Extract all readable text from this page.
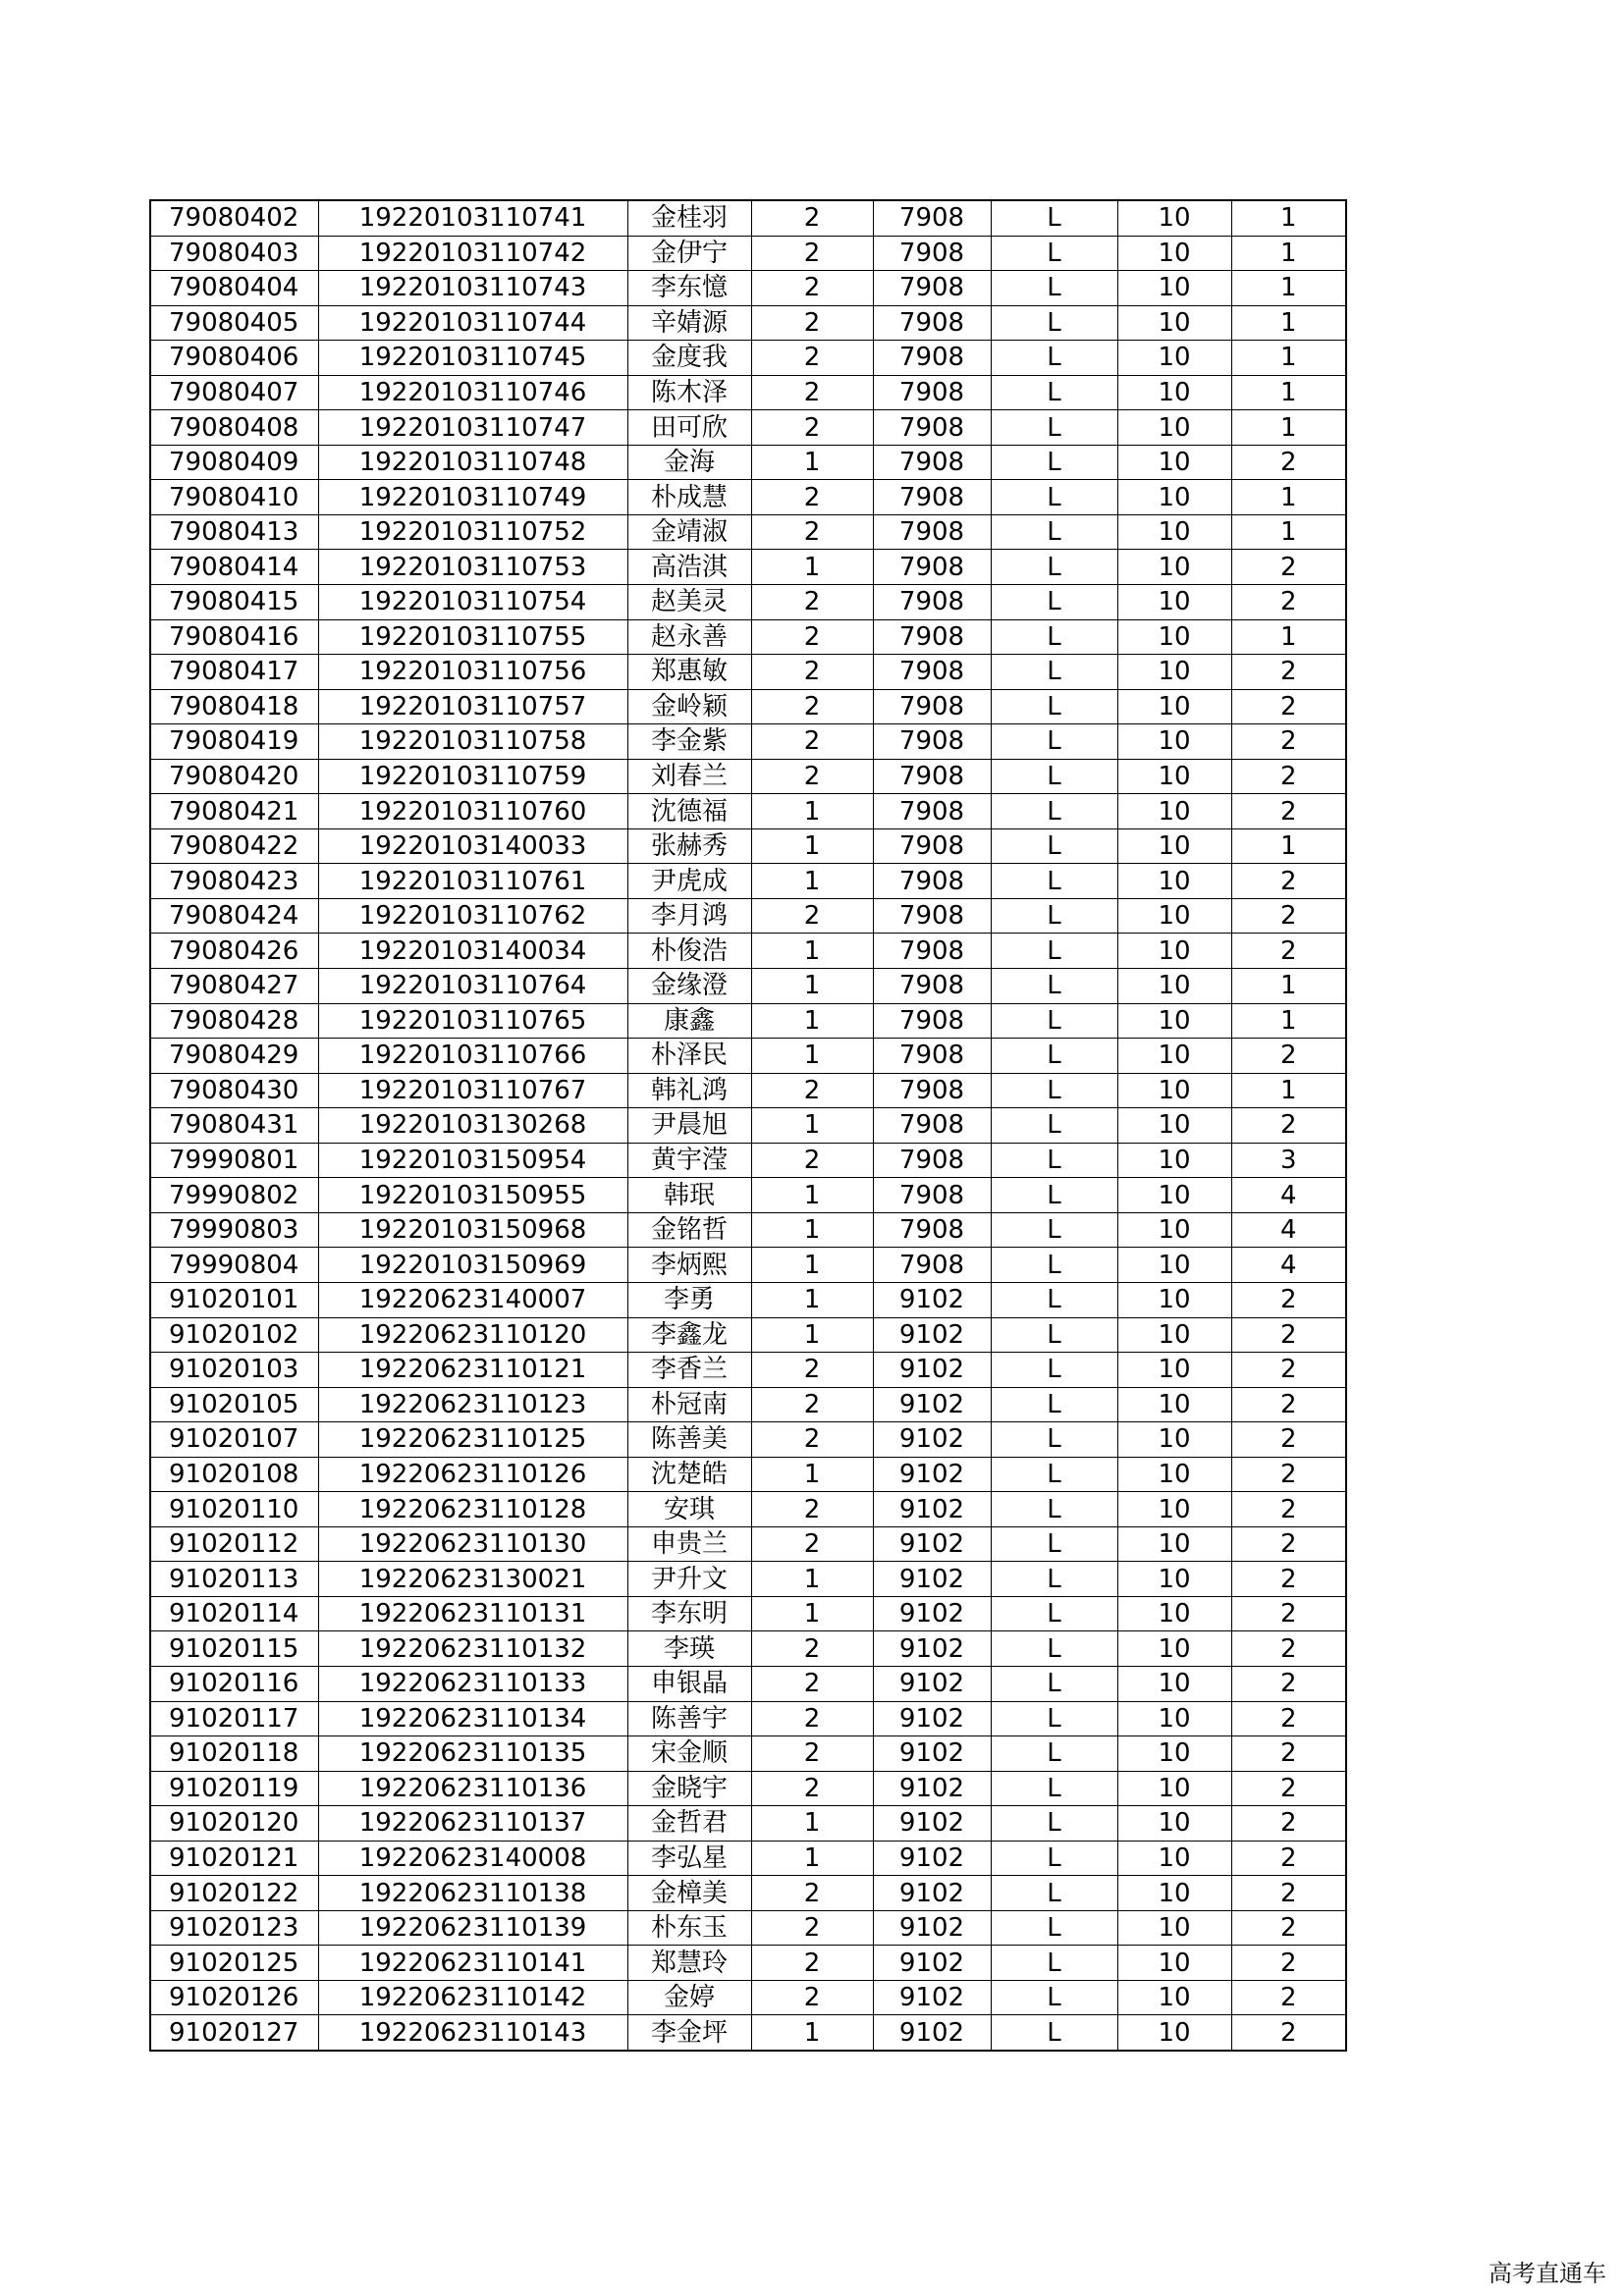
79080402	19220103110741	金桂羽	2	7908	L	10	1
79080403	19220103110742	金伊宁	2	7908	L	10	1
79080404	19220103110743	李东憶	2	7908	L	10	1
79080405	19220103110744	辛婧源	2	7908	L	10	1
79080406	19220103110745	金度我	2	7908	L	10	1
79080407	19220103110746	陈木泽	2	7908	L	10	1
79080408	19220103110747	田可欣	2	7908	L	10	1
79080409	19220103110748	金海	1	7908	L	10	2
79080410	19220103110749	朴成慧	2	7908	L	10	1
79080413	19220103110752	金靖淑	2	7908	L	10	1
79080414	19220103110753	高浩淇	1	7908	L	10	2
79080415	19220103110754	赵美灵	2	7908	L	10	2
79080416	19220103110755	赵永善	2	7908	L	10	1
79080417	19220103110756	郑惠敏	2	7908	L	10	2
79080418	19220103110757	金岭颖	2	7908	L	10	2
79080419	19220103110758	李金紫	2	7908	L	10	2
79080420	19220103110759	刘春兰	2	7908	L	10	2
79080421	19220103110760	沈德福	1	7908	L	10	2
79080422	19220103140033	张赫秀	1	7908	L	10	1
79080423	19220103110761	尹虎成	1	7908	L	10	2
79080424	19220103110762	李月鸿	2	7908	L	10	2
79080426	19220103140034	朴俊浩	1	7908	L	10	2
79080427	19220103110764	金缘澄	1	7908	L	10	1
79080428	19220103110765	康鑫	1	7908	L	10	1
79080429	19220103110766	朴泽民	1	7908	L	10	2
79080430	19220103110767	韩礼鸿	2	7908	L	10	1
79080431	19220103130268	尹晨旭	1	7908	L	10	2
79990801	19220103150954	黄宇滢	2	7908	L	10	3
79990802	19220103150955	韩珉	1	7908	L	10	4
79990803	19220103150968	金铭哲	1	7908	L	10	4
79990804	19220103150969	李炳熙	1	7908	L	10	4
91020101	19220623140007	李勇	1	9102	L	10	2
91020102	19220623110120	李鑫龙	1	9102	L	10	2
91020103	19220623110121	李香兰	2	9102	L	10	2
91020105	19220623110123	朴冠南	2	9102	L	10	2
91020107	19220623110125	陈善美	2	9102	L	10	2
91020108	19220623110126	沈楚皓	1	9102	L	10	2
91020110	19220623110128	安琪	2	9102	L	10	2
91020112	19220623110130	申贵兰	2	9102	L	10	2
91020113	19220623130021	尹升文	1	9102	L	10	2
91020114	19220623110131	李东明	1	9102	L	10	2
91020115	19220623110132	李瑛	2	9102	L	10	2
91020116	19220623110133	申银晶	2	9102	L	10	2
91020117	19220623110134	陈善宇	2	9102	L	10	2
91020118	19220623110135	宋金顺	2	9102	L	10	2
91020119	19220623110136	金晓宇	2	9102	L	10	2
91020120	19220623110137	金哲君	1	9102	L	10	2
91020121	19220623140008	李弘星	1	9102	L	10	2
91020122	19220623110138	金樟美	2	9102	L	10	2
91020123	19220623110139	朴东玉	2	9102	L	10	2
91020125	19220623110141	郑慧玲	2	9102	L	10	2
91020126	19220623110142	金婷	2	9102	L	10	2
91020127	19220623110143	李金坪	1	9102	L	10	2
高考直通车
